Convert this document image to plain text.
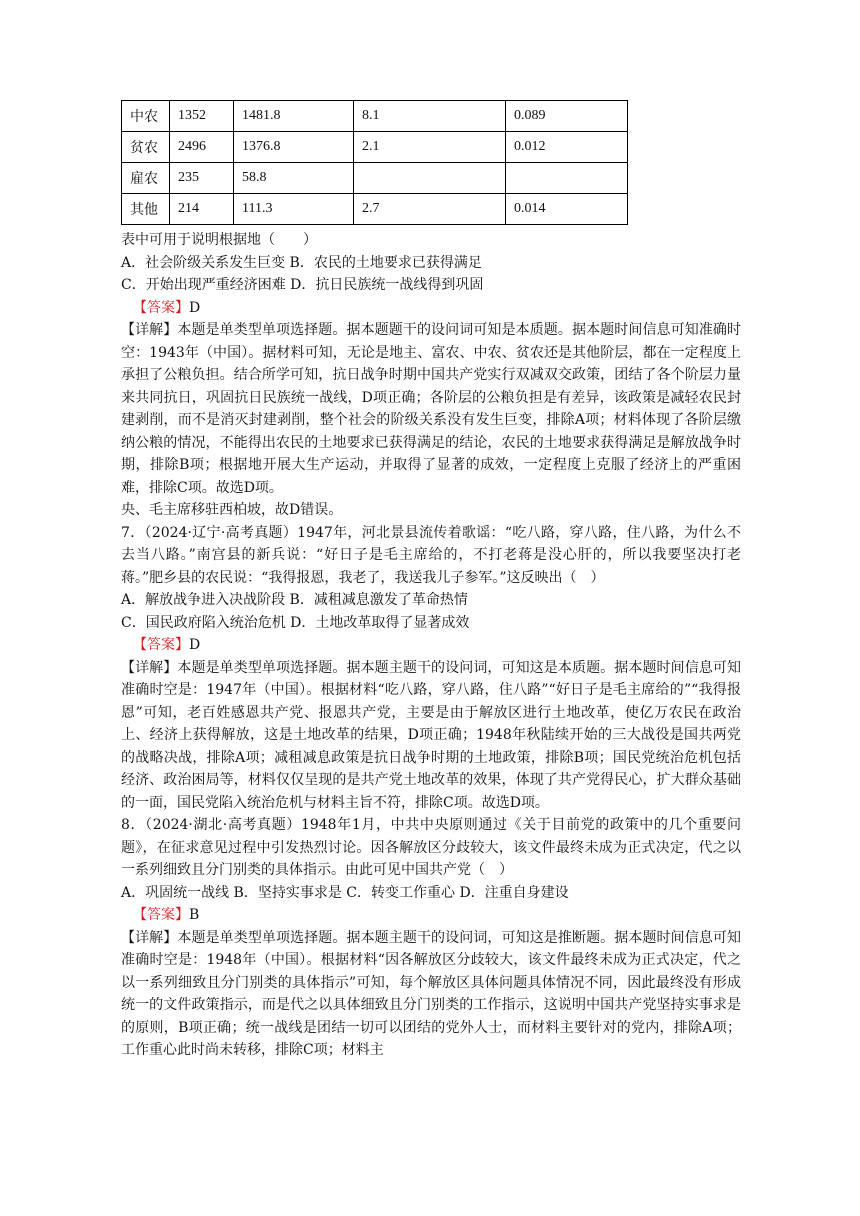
中农	1352	1481.8	8.1	0.089
贫农	2496	1376.8	2.1	0.012
雇农	235	58.8		
其他	214	111.3	2.7	0.014

表中可用于说明根据地（　　）

A．社会阶级关系发生巨变 B．农民的土地要求已获得满足

C．开始出现严重经济困难 D．抗日民族统一战线得到巩固

【答案】D

【详解】本题是单类型单项选择题。据本题题干的设问词可知是本质题。据本题时间信息可知准确时空：1943年（中国）。据材料可知，无论是地主、富农、中农、贫农还是其他阶层，都在一定程度上承担了公粮负担。结合所学可知，抗日战争时期中国共产党实行双减双交政策，团结了各个阶层力量来共同抗日，巩固抗日民族统一战线，D项正确；各阶层的公粮负担是有差异，该政策是减轻农民封建剥削，而不是消灭封建剥削，整个社会的阶级关系没有发生巨变，排除A项；材料体现了各阶层缴纳公粮的情况，不能得出农民的土地要求已获得满足的结论，农民的土地要求获得满足是解放战争时期，排除B项；根据地开展大生产运动，并取得了显著的成效，一定程度上克服了经济上的严重困难，排除C项。故选D项。

央、毛主席移驻西柏坡，故D错误。

7．（2024·辽宁·高考真题）1947年，河北景县流传着歌谣：“吃八路，穿八路，住八路，为什么不去当八路。”南宫县的新兵说：“好日子是毛主席给的，不打老蒋是没心肝的，所以我要坚决打老蒋。”肥乡县的农民说：“我得报恩，我老了，我送我儿子参军。”这反映出（　）

A．解放战争进入决战阶段 B．减租减息激发了革命热情

C．国民政府陷入统治危机 D．土地改革取得了显著成效

【答案】D

【详解】本题是单类型单项选择题。据本题主题干的设问词，可知这是本质题。据本题时间信息可知准确时空是：1947年（中国）。根据材料“吃八路，穿八路，住八路”“好日子是毛主席给的”“我得报恩”可知，老百姓感恩共产党、报恩共产党，主要是由于解放区进行土地改革，使亿万农民在政治上、经济上获得解放，这是土地改革的结果，D项正确；1948年秋陆续开始的三大战役是国共两党的战略决战，排除A项；减租减息政策是抗日战争时期的土地政策，排除B项；国民党统治危机包括经济、政治困局等，材料仅仅呈现的是共产党土地改革的效果，体现了共产党得民心，扩大群众基础的一面，国民党陷入统治危机与材料主旨不符，排除C项。故选D项。

8．（2024·湖北·高考真题）1948年1月，中共中央原则通过《关于目前党的政策中的几个重要问题》，在征求意见过程中引发热烈讨论。因各解放区分歧较大，该文件最终未成为正式决定，代之以一系列细致且分门别类的具体指示。由此可见中国共产党（　）

A．巩固统一战线 B．坚持实事求是 C．转变工作重心 D．注重自身建设

【答案】B

【详解】本题是单类型单项选择题。据本题主题干的设问词，可知这是推断题。据本题时间信息可知准确时空是：1948年（中国）。根据材料“因各解放区分歧较大，该文件最终未成为正式决定，代之以一系列细致且分门别类的具体指示”可知，每个解放区具体问题具体情况不同，因此最终没有形成统一的文件政策指示，而是代之以具体细致且分门别类的工作指示，这说明中国共产党坚持实事求是的原则，B项正确；统一战线是团结一切可以团结的党外人士，而材料主要针对的党内，排除A项；工作重心此时尚未转移，排除C项；材料主
